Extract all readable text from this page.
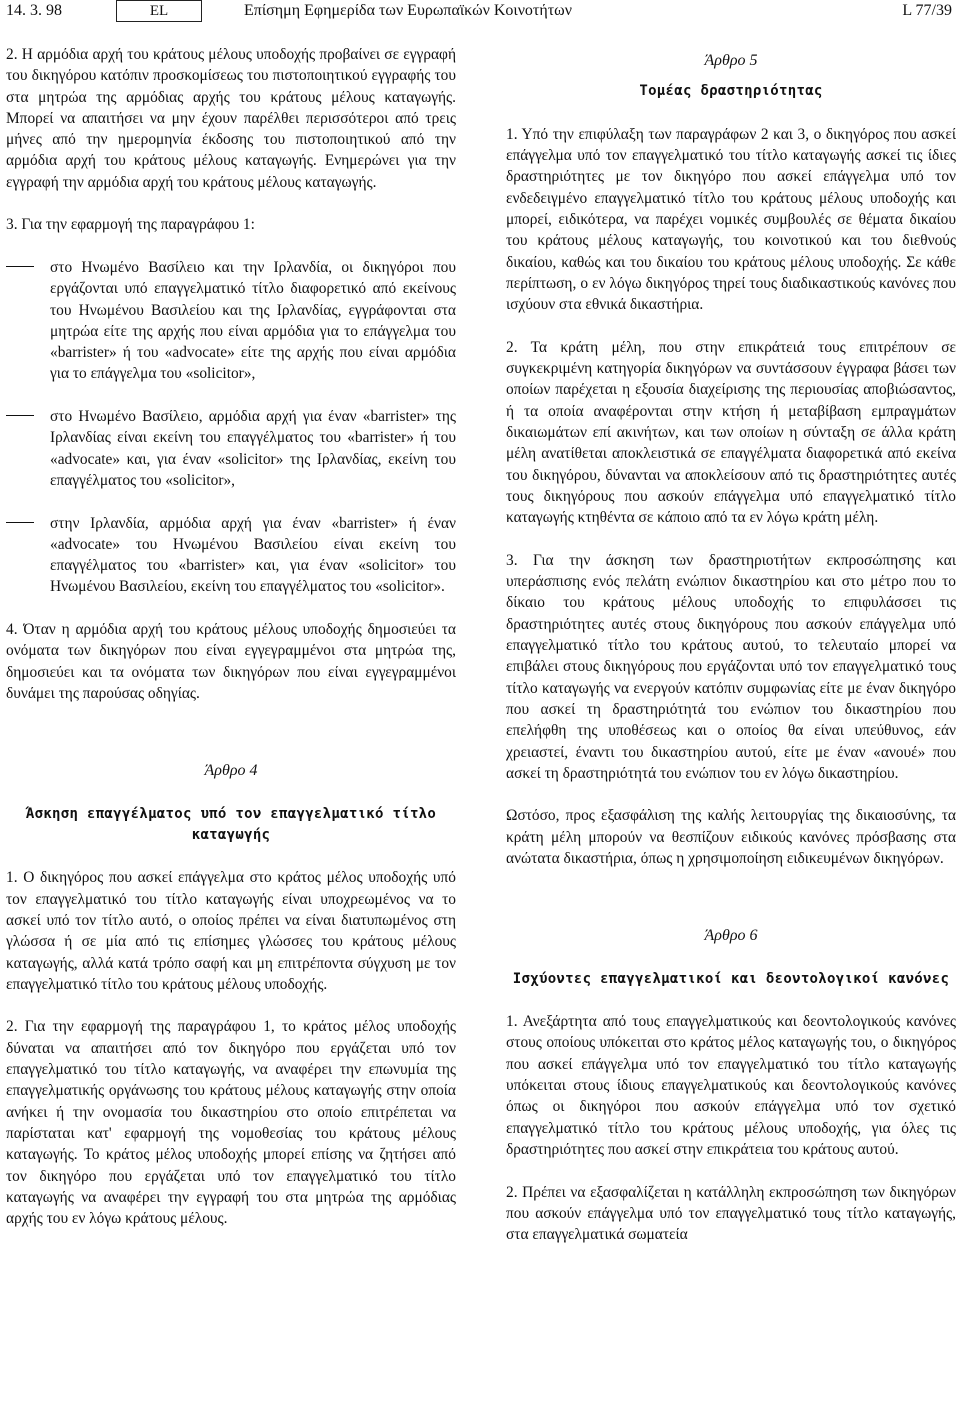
14. 3. 98	EL	Επίσημη Εφημερίδα των Ευρωπαϊκών Κοινοτήτων	L 77/39

2. Η αρμόδια αρχή του κράτους μέλους υποδοχής προβαίνει σε εγγραφή του δικηγόρου κατόπιν προσκομίσεως του πιστοποιητικού εγγραφής του στα μητρώα της αρμόδιας αρχής του κράτους μέλους καταγωγής. Μπορεί να απαιτήσει να μην έχουν παρέλθει περισσότεροι από τρεις μήνες από την ημερομηνία έκδοσης του πιστοποιητικού από την αρμόδια αρχή του κράτους μέλους καταγωγής. Ενημερώνει για την εγγραφή την αρμόδια αρχή του κράτους μέλους καταγωγής.

3. Για την εφαρμογή της παραγράφου 1:

στο Ηνωμένο Βασίλειο και την Ιρλανδία, οι δικηγόροι που εργάζονται υπό επαγγελματικό τίτλο διαφορετικό από εκείνους του Ηνωμένου Βασιλείου και της Ιρλανδίας, εγγράφονται στα μητρώα είτε της αρχής που είναι αρμόδια για το επάγγελμα του «barrister» ή του «advocate» είτε της αρχής που είναι αρμόδια για το επάγγελμα του «solicitor»,
στο Ηνωμένο Βασίλειο, αρμόδια αρχή για έναν «barrister» της Ιρλανδίας είναι εκείνη του επαγγέλματος του «barrister» ή του «advocate» και, για έναν «solicitor» της Ιρλανδίας, εκείνη του επαγγέλματος του «solicitor»,
στην Ιρλανδία, αρμόδια αρχή για έναν «barrister» ή έναν «advocate» του Ηνωμένου Βασιλείου είναι εκείνη του επαγγέλματος του «barrister» και, για έναν «solicitor» του Ηνωμένου Βασιλείου, εκείνη του επαγγέλματος του «solicitor».

4. Όταν η αρμόδια αρχή του κράτους μέλους υποδοχής δημοσιεύει τα ονόματα των δικηγόρων που είναι εγγεγραμμένοι στα μητρώα της, δημοσιεύει και τα ονόματα των δικηγόρων που είναι εγγεγραμμένοι δυνάμει της παρούσας οδηγίας.

Άρθρο 4
Άσκηση επαγγέλματος υπό τον επαγγελματικό τίτλο καταγωγής

1. Ο δικηγόρος που ασκεί επάγγελμα στο κράτος μέλος υποδοχής υπό τον επαγγελματικό του τίτλο καταγωγής είναι υποχρεωμένος να το ασκεί υπό τον τίτλο αυτό, ο οποίος πρέπει να είναι διατυπωμένος στη γλώσσα ή σε μία από τις επίσημες γλώσσες του κράτους μέλους καταγωγής, αλλά κατά τρόπο σαφή και μη επιτρέποντα σύγχυση με τον επαγγελματικό τίτλο του κράτους μέλους υποδοχής.

2. Για την εφαρμογή της παραγράφου 1, το κράτος μέλος υποδοχής δύναται να απαιτήσει από τον δικηγόρο που εργάζεται υπό τον επαγγελματικό του τίτλο καταγωγής, να αναφέρει την επωνυμία της επαγγελματικής οργάνωσης του κράτους μέλους καταγωγής στην οποία ανήκει ή την ονομασία του δικαστηρίου στο οποίο επιτρέπεται να παρίσταται κατ' εφαρμογή της νομοθεσίας του κράτους μέλους καταγωγής. Το κράτος μέλος υποδοχής μπορεί επίσης να ζητήσει από τον δικηγόρο που εργάζεται υπό τον επαγγελματικό του τίτλο καταγωγής να αναφέρει την εγγραφή του στα μητρώα της αρμόδιας αρχής του εν λόγω κράτους μέλους.

Άρθρο 5
Τομέας δραστηριότητας

1. Υπό την επιφύλαξη των παραγράφων 2 και 3, ο δικηγόρος που ασκεί επάγγελμα υπό τον επαγγελματικό του τίτλο καταγωγής ασκεί τις ίδιες δραστηριότητες με τον δικηγόρο που ασκεί επάγγελμα υπό τον ενδεδειγμένο επαγγελματικό τίτλο του κράτους μέλους υποδοχής και μπορεί, ειδικότερα, να παρέχει νομικές συμβουλές σε θέματα δικαίου του κράτους μέλους καταγωγής, του κοινοτικού και του διεθνούς δικαίου, καθώς και του δικαίου του κράτους μέλους υποδοχής. Σε κάθε περίπτωση, ο εν λόγω δικηγόρος τηρεί τους διαδικαστικούς κανόνες που ισχύουν στα εθνικά δικαστήρια.

2. Τα κράτη μέλη, που στην επικράτειά τους επιτρέπουν σε συγκεκριμένη κατηγορία δικηγόρων να συντάσσουν έγγραφα βάσει των οποίων παρέχεται η εξουσία διαχείρισης της περιουσίας αποβιώσαντος, ή τα οποία αναφέρονται στην κτήση ή μεταβίβαση εμπραγμάτων δικαιωμάτων επί ακινήτων, και των οποίων η σύνταξη σε άλλα κράτη μέλη ανατίθεται αποκλειστικά σε επαγγέλματα διαφορετικά από εκείνα του δικηγόρου, δύνανται να αποκλείσουν από τις δραστηριότητες αυτές τους δικηγόρους που ασκούν επάγγελμα υπό επαγγελματικό τίτλο καταγωγής κτηθέντα σε κάποιο από τα εν λόγω κράτη μέλη.

3. Για την άσκηση των δραστηριοτήτων εκπροσώπησης και υπεράσπισης ενός πελάτη ενώπιον δικαστηρίου και στο μέτρο που το δίκαιο του κράτους μέλους υποδοχής το επιφυλάσσει τις δραστηριότητες αυτές στους δικηγόρους που ασκούν επάγγελμα υπό επαγγελματικό τίτλο του κράτους αυτού, το τελευταίο μπορεί να επιβάλει στους δικηγόρους που εργάζονται υπό τον επαγγελματικό τους τίτλο καταγωγής να ενεργούν κατόπιν συμφωνίας είτε με έναν δικηγόρο που ασκεί τη δραστηριότητά του ενώπιον του δικαστηρίου που επελήφθη της υποθέσεως και ο οποίος θα είναι υπεύθυνος, εάν χρειαστεί, έναντι του δικαστηρίου αυτού, είτε με έναν «ανουέ» που ασκεί τη δραστηριότητά του ενώπιον του εν λόγω δικαστηρίου.

Ωστόσο, προς εξασφάλιση της καλής λειτουργίας της δικαιοσύνης, τα κράτη μέλη μπορούν να θεσπίζουν ειδικούς κανόνες πρόσβασης στα ανώτατα δικαστήρια, όπως η χρησιμοποίηση ειδικευμένων δικηγόρων.

Άρθρο 6
Ισχύοντες επαγγελματικοί και δεοντολογικοί κανόνες

1. Ανεξάρτητα από τους επαγγελματικούς και δεοντολογικούς κανόνες στους οποίους υπόκειται στο κράτος μέλος καταγωγής του, ο δικηγόρος που ασκεί επάγγελμα υπό τον επαγγελματικό του τίτλο καταγωγής υπόκειται στους ίδιους επαγγελματικούς και δεοντολογικούς κανόνες όπως οι δικηγόροι που ασκούν επάγγελμα υπό τον σχετικό επαγγελματικό τίτλο του κράτους μέλους υποδοχής, για όλες τις δραστηριότητες που ασκεί στην επικράτεια του κράτους αυτού.

2. Πρέπει να εξασφαλίζεται η κατάλληλη εκπροσώπηση των δικηγόρων που ασκούν επάγγελμα υπό τον επαγγελματικό τους τίτλο καταγωγής, στα επαγγελματικά σωματεία
